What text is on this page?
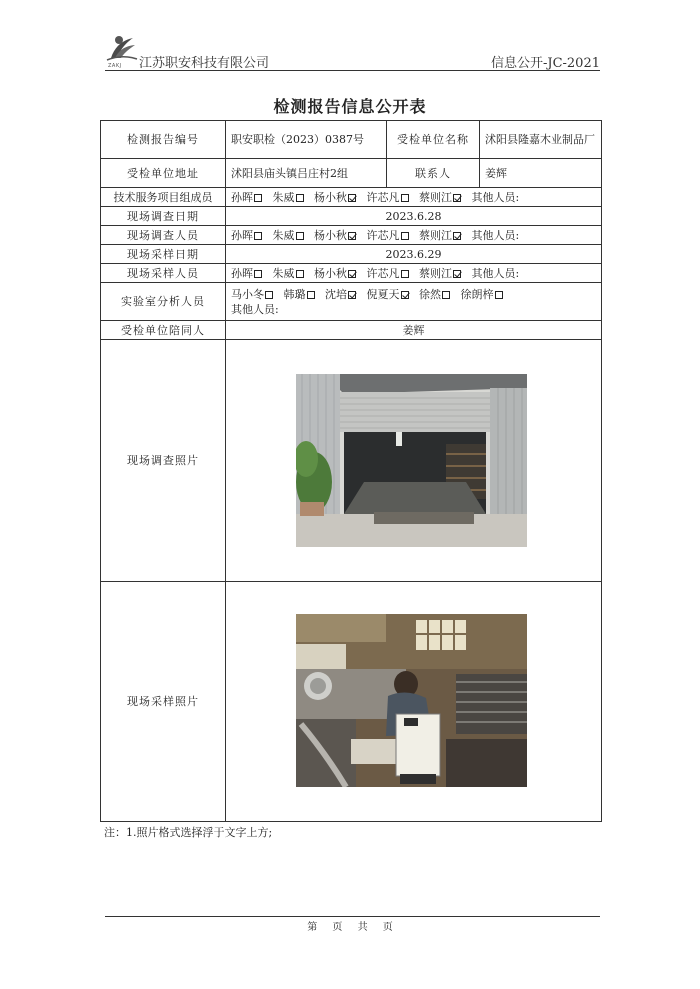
ZAKJ 江苏职安科技有限公司	信息公开-JC-2021
检测报告信息公开表
检测报告编号	职安职检（2023）0387号	受检单位名称	沭阳县隆嘉木业制品厂
受检单位地址	沭阳县庙头镇吕庄村2组	联系人	姜辉
技术服务项目组成员	孙晖 朱威 杨小秋 许芯凡 蔡则江 其他人员:		
现场调查日期	2023.6.28		
现场调查人员	孙晖 朱威 杨小秋 许芯凡 蔡则江 其他人员:		
现场采样日期	2023.6.29		
现场采样人员	孙晖 朱威 杨小秋 许芯凡 蔡则江 其他人员:		
实验室分析人员	马小冬 韩璐 沈培 倪夏天 徐然 徐朗梓
其他人员:		

受检单位陪同人	姜辉		
现场调查照片			
现场采样照片			
注：1.照片格式选择浮于文字上方;
第 页 共 页
